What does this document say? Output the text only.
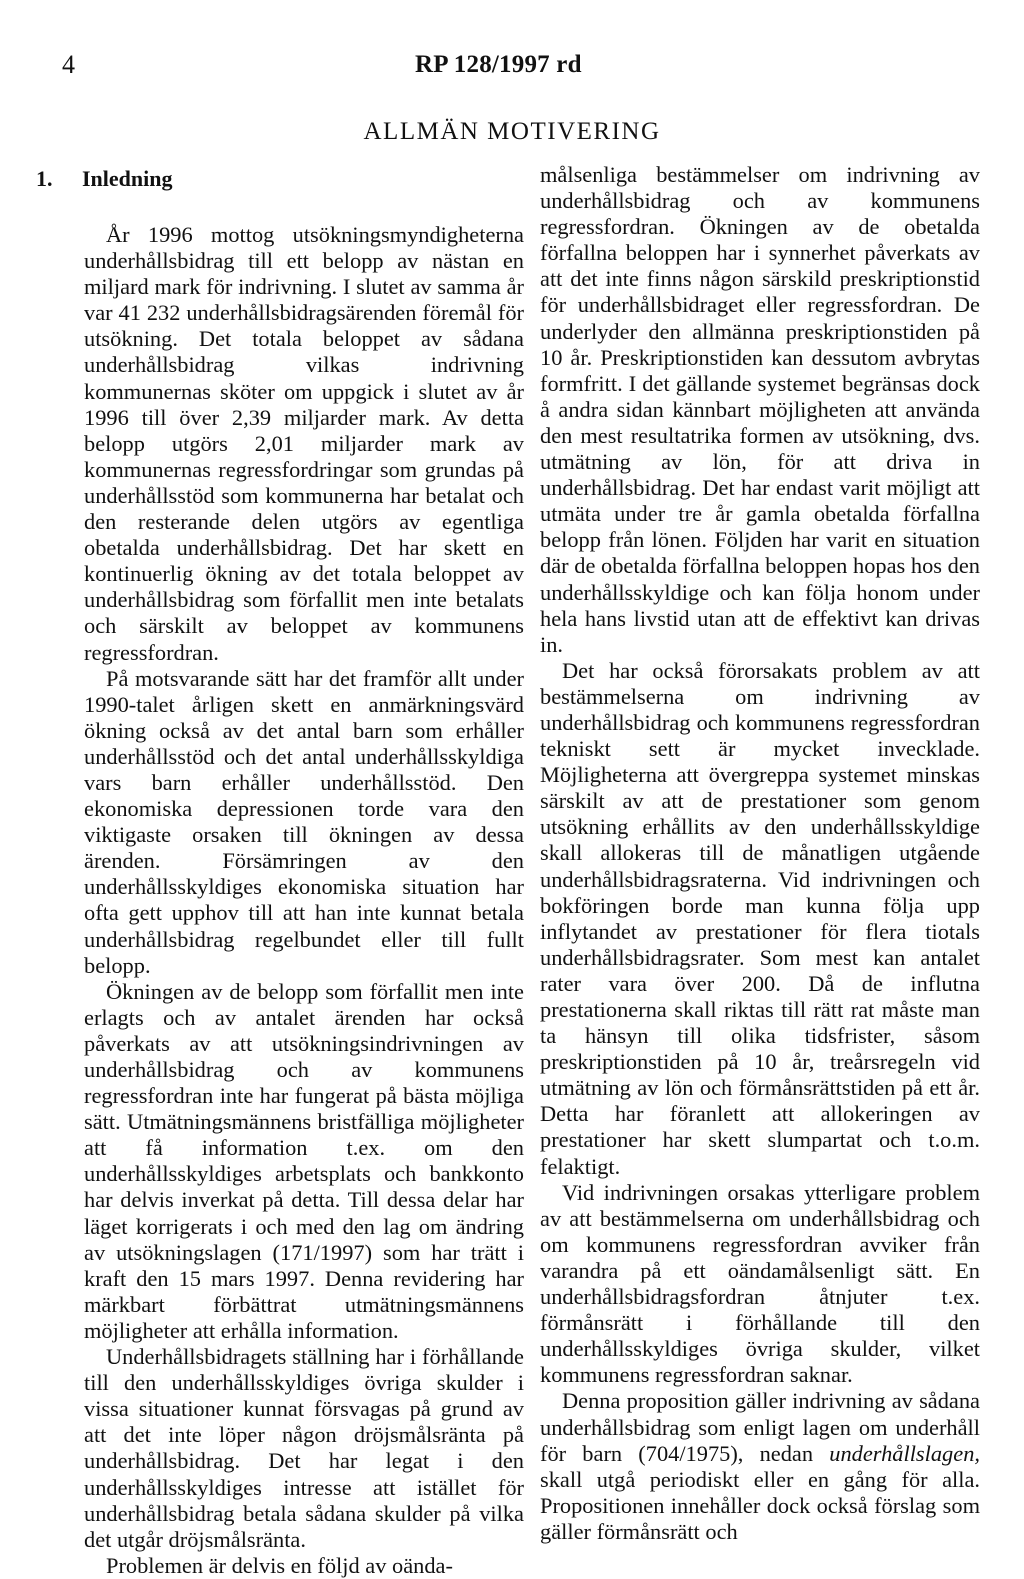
4	RP 128/1997 rd
ALLMÄN MOTIVERING
1. Inledning

År 1996 mottog utsökningsmyndigheterna underhållsbidrag till ett belopp av nästan en miljard mark för indrivning. I slutet av samma år var 41 232 underhållsbidragsärenden föremål för utsökning. Det totala beloppet av sådana underhållsbidrag vilkas indrivning kommunernas sköter om uppgick i slutet av år 1996 till över 2,39 miljarder mark. Av detta belopp utgörs 2,01 miljarder mark av kommunernas regressfordringar som grundas på underhållsstöd som kommunerna har betalat och den resterande delen utgörs av egentliga obetalda underhållsbidrag. Det har skett en kontinuerlig ökning av det totala beloppet av underhållsbidrag som förfallit men inte betalats och särskilt av beloppet av kommunens regressfordran.

På motsvarande sätt har det framför allt under 1990-talet årligen skett en anmärkningsvärd ökning också av det antal barn som erhåller underhållsstöd och det antal underhållsskyldiga vars barn erhåller underhållsstöd. Den ekonomiska depressionen torde vara den viktigaste orsaken till ökningen av dessa ärenden. Försämringen av den underhållsskyldiges ekonomiska situation har ofta gett upphov till att han inte kunnat betala underhållsbidrag regelbundet eller till fullt belopp.

Ökningen av de belopp som förfallit men inte erlagts och av antalet ärenden har också påverkats av att utsökningsindrivningen av underhållsbidrag och av kommunens regressfordran inte har fungerat på bästa möjliga sätt. Utmätningsmännens bristfälliga möjligheter att få information t.ex. om den underhållsskyldiges arbetsplats och bankkonto har delvis inverkat på detta. Till dessa delar har läget korrigerats i och med den lag om ändring av utsökningslagen (171/1997) som har trätt i kraft den 15 mars 1997. Denna revidering har märkbart förbättrat utmätningsmännens möjligheter att erhålla information.

Underhållsbidragets ställning har i förhållande till den underhållsskyldiges övriga skulder i vissa situationer kunnat försvagas på grund av att det inte löper någon dröjsmålsränta på underhållsbidrag. Det har legat i den underhållsskyldiges intresse att istället för underhållsbidrag betala sådana skulder på vilka det utgår dröjsmålsränta.

Problemen är delvis en följd av oända-

målsenliga bestämmelser om indrivning av underhållsbidrag och av kommunens regressfordran. Ökningen av de obetalda förfallna beloppen har i synnerhet påverkats av att det inte finns någon särskild preskriptionstid för underhållsbidraget eller regressfordran. De underlyder den allmänna preskriptionstiden på 10 år. Preskriptionstiden kan dessutom avbrytas formfritt. I det gällande systemet begränsas dock å andra sidan kännbart möjligheten att använda den mest resultatrika formen av utsökning, dvs. utmätning av lön, för att driva in underhållsbidrag. Det har endast varit möjligt att utmäta under tre år gamla obetalda förfallna belopp från lönen. Följden har varit en situation där de obetalda förfallna beloppen hopas hos den underhållsskyldige och kan följa honom under hela hans livstid utan att de effektivt kan drivas in.

Det har också förorsakats problem av att bestämmelserna om indrivning av underhållsbidrag och kommunens regressfordran tekniskt sett är mycket invecklade. Möjligheterna att övergreppa systemet minskas särskilt av att de prestationer som genom utsökning erhållits av den underhållsskyldige skall allokeras till de månatligen utgående underhållsbidragsraterna. Vid indrivningen och bokföringen borde man kunna följa upp inflytandet av prestationer för flera tiotals underhållsbidragsrater. Som mest kan antalet rater vara över 200. Då de influtna prestationerna skall riktas till rätt rat måste man ta hänsyn till olika tidsfrister, såsom preskriptionstiden på 10 år, treårsregeln vid utmätning av lön och förmånsrättstiden på ett år. Detta har föranlett att allokeringen av prestationer har skett slumpartat och t.o.m. felaktigt.

Vid indrivningen orsakas ytterligare problem av att bestämmelserna om underhållsbidrag och om kommunens regressfordran avviker från varandra på ett oändamålsenligt sätt. En underhållsbidragsfordran åtnjuter t.ex. förmånsrätt i förhållande till den underhållsskyldiges övriga skulder, vilket kommunens regressfordran saknar.

Denna proposition gäller indrivning av sådana underhållsbidrag som enligt lagen om underhåll för barn (704/1975), nedan underhållslagen, skall utgå periodiskt eller en gång för alla. Propositionen innehåller dock också förslag som gäller förmånsrätt och
